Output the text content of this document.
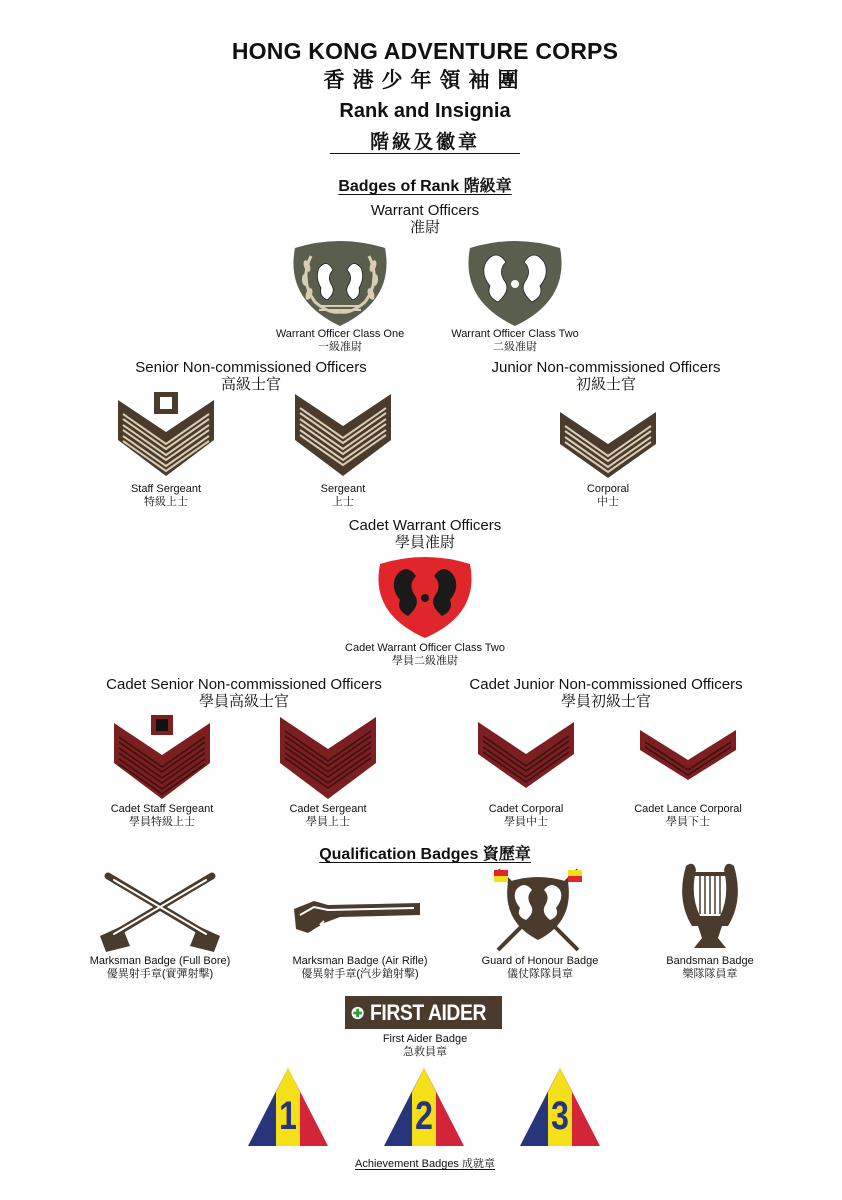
HONG KONG ADVENTURE CORPS
香港少年領袖團
Rank and Insignia
階級及徽章
Badges of Rank 階級章
Warrant Officers
准尉
Warrant Officer Class One
一級准尉
Warrant Officer Class Two
二級准尉
Senior Non-commissioned Officers
高級士官
Junior Non-commissioned Officers
初級士官
Staff Sergeant
特級上士
Sergeant
上士
Corporal
中士
Cadet Warrant Officers
學員准尉
Cadet Warrant Officer Class Two
學員二級准尉
Cadet Senior Non-commissioned Officers
學員高級士官
Cadet Junior Non-commissioned Officers
學員初級士官
Cadet Staff Sergeant
學員特級上士
Cadet Sergeant
學員上士
Cadet Corporal
學員中士
Cadet Lance Corporal
學員下士
Qualification Badges 資歷章
Marksman Badge (Full Bore)
優異射手章(實彈射擊)
Marksman Badge (Air Rifle)
優異射手章(汽步鎗射擊)
Guard of Honour Badge
儀仗隊隊員章
Bandsman Badge
樂隊隊員章
FIRST AIDER
First Aider Badge
急救員章
1	2	3
Achievement Badges 成就章
